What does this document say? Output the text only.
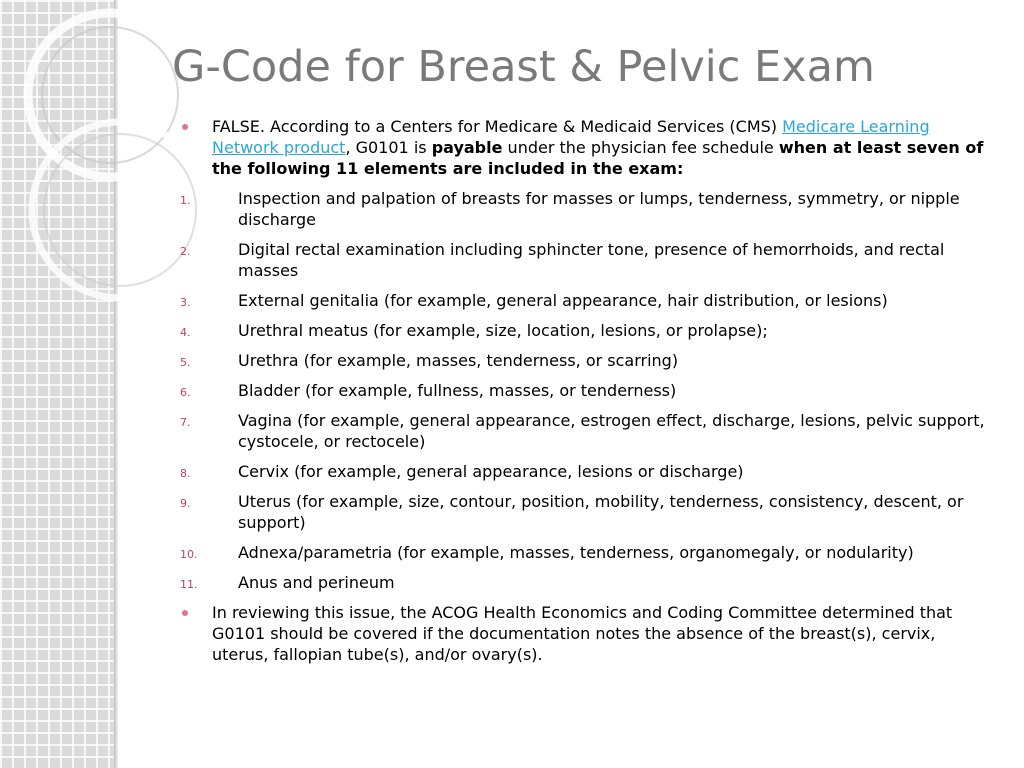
G-Code for Breast & Pelvic Exam
FALSE. According to a Centers for Medicare & Medicaid Services (CMS) Medicare Learning Network product, G0101 is payable under the physician fee schedule when at least seven of the following 11 elements are included in the exam:
1.	Inspection and palpation of breasts for masses or lumps, tenderness, symmetry, or nipple discharge
2.	Digital rectal examination including sphincter tone, presence of hemorrhoids, and rectal masses
3.	External genitalia (for example, general appearance, hair distribution, or lesions)
4.	Urethral meatus (for example, size, location, lesions, or prolapse);
5.	Urethra (for example, masses, tenderness, or scarring)
6.	Bladder (for example, fullness, masses, or tenderness)
7.	Vagina (for example, general appearance, estrogen effect, discharge, lesions, pelvic support, cystocele, or rectocele)
8.	Cervix (for example, general appearance, lesions or discharge)
9.	Uterus (for example, size, contour, position, mobility, tenderness, consistency, descent, or support)
10.	Adnexa/parametria (for example, masses, tenderness, organomegaly, or nodularity)
11.	Anus and perineum
In reviewing this issue, the ACOG Health Economics and Coding Committee determined that G0101 should be covered if the documentation notes the absence of the breast(s), cervix, uterus, fallopian tube(s), and/or ovary(s).
